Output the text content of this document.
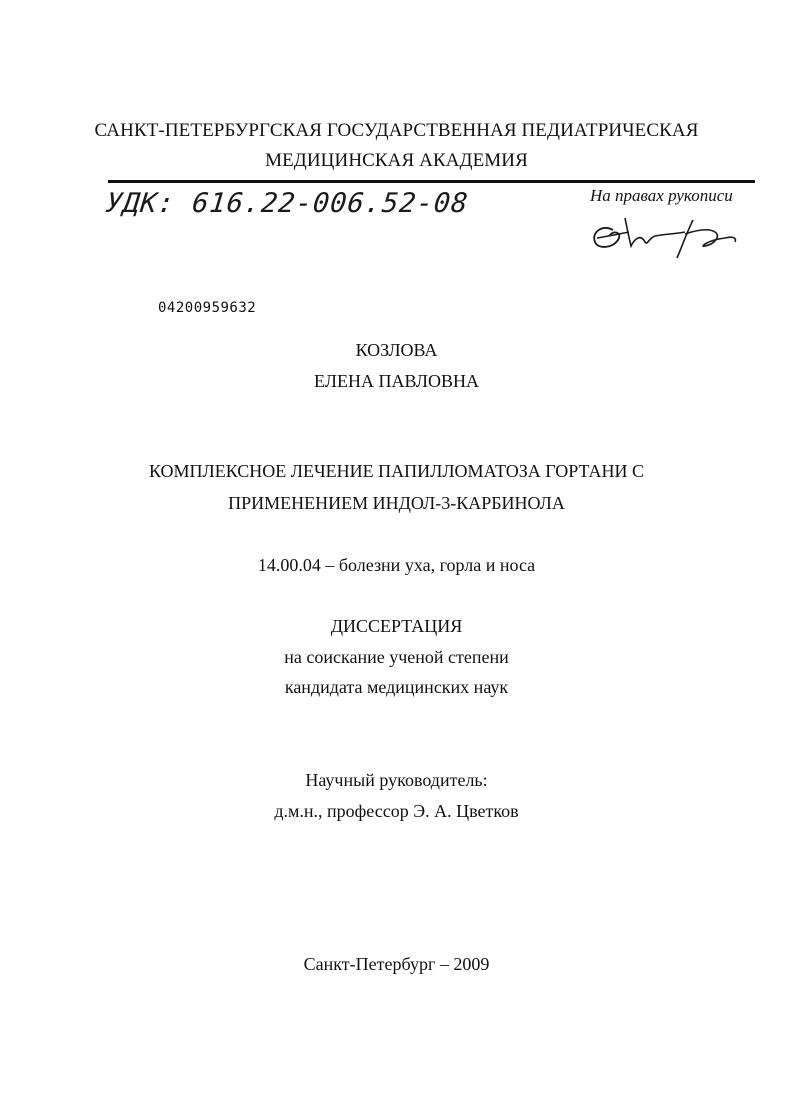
САНКТ-ПЕТЕРБУРГСКАЯ ГОСУДАРСТВЕННАЯ ПЕДИАТРИЧЕСКАЯ
МЕДИЦИНСКАЯ АКАДЕМИЯ
УДК: 616.22-006.52-08	На правах рукописи
04200959632
КОЗЛОВА
ЕЛЕНА ПАВЛОВНА
КОМПЛЕКСНОЕ ЛЕЧЕНИЕ ПАПИЛЛОМАТОЗА ГОРТАНИ С
ПРИМЕНЕНИЕМ ИНДОЛ-3-КАРБИНОЛА
14.00.04 – болезни уха, горла и носа
ДИССЕРТАЦИЯ
на соискание ученой степени
кандидата медицинских наук
Научный руководитель:
д.м.н., профессор Э. А. Цветков
Санкт-Петербург – 2009
